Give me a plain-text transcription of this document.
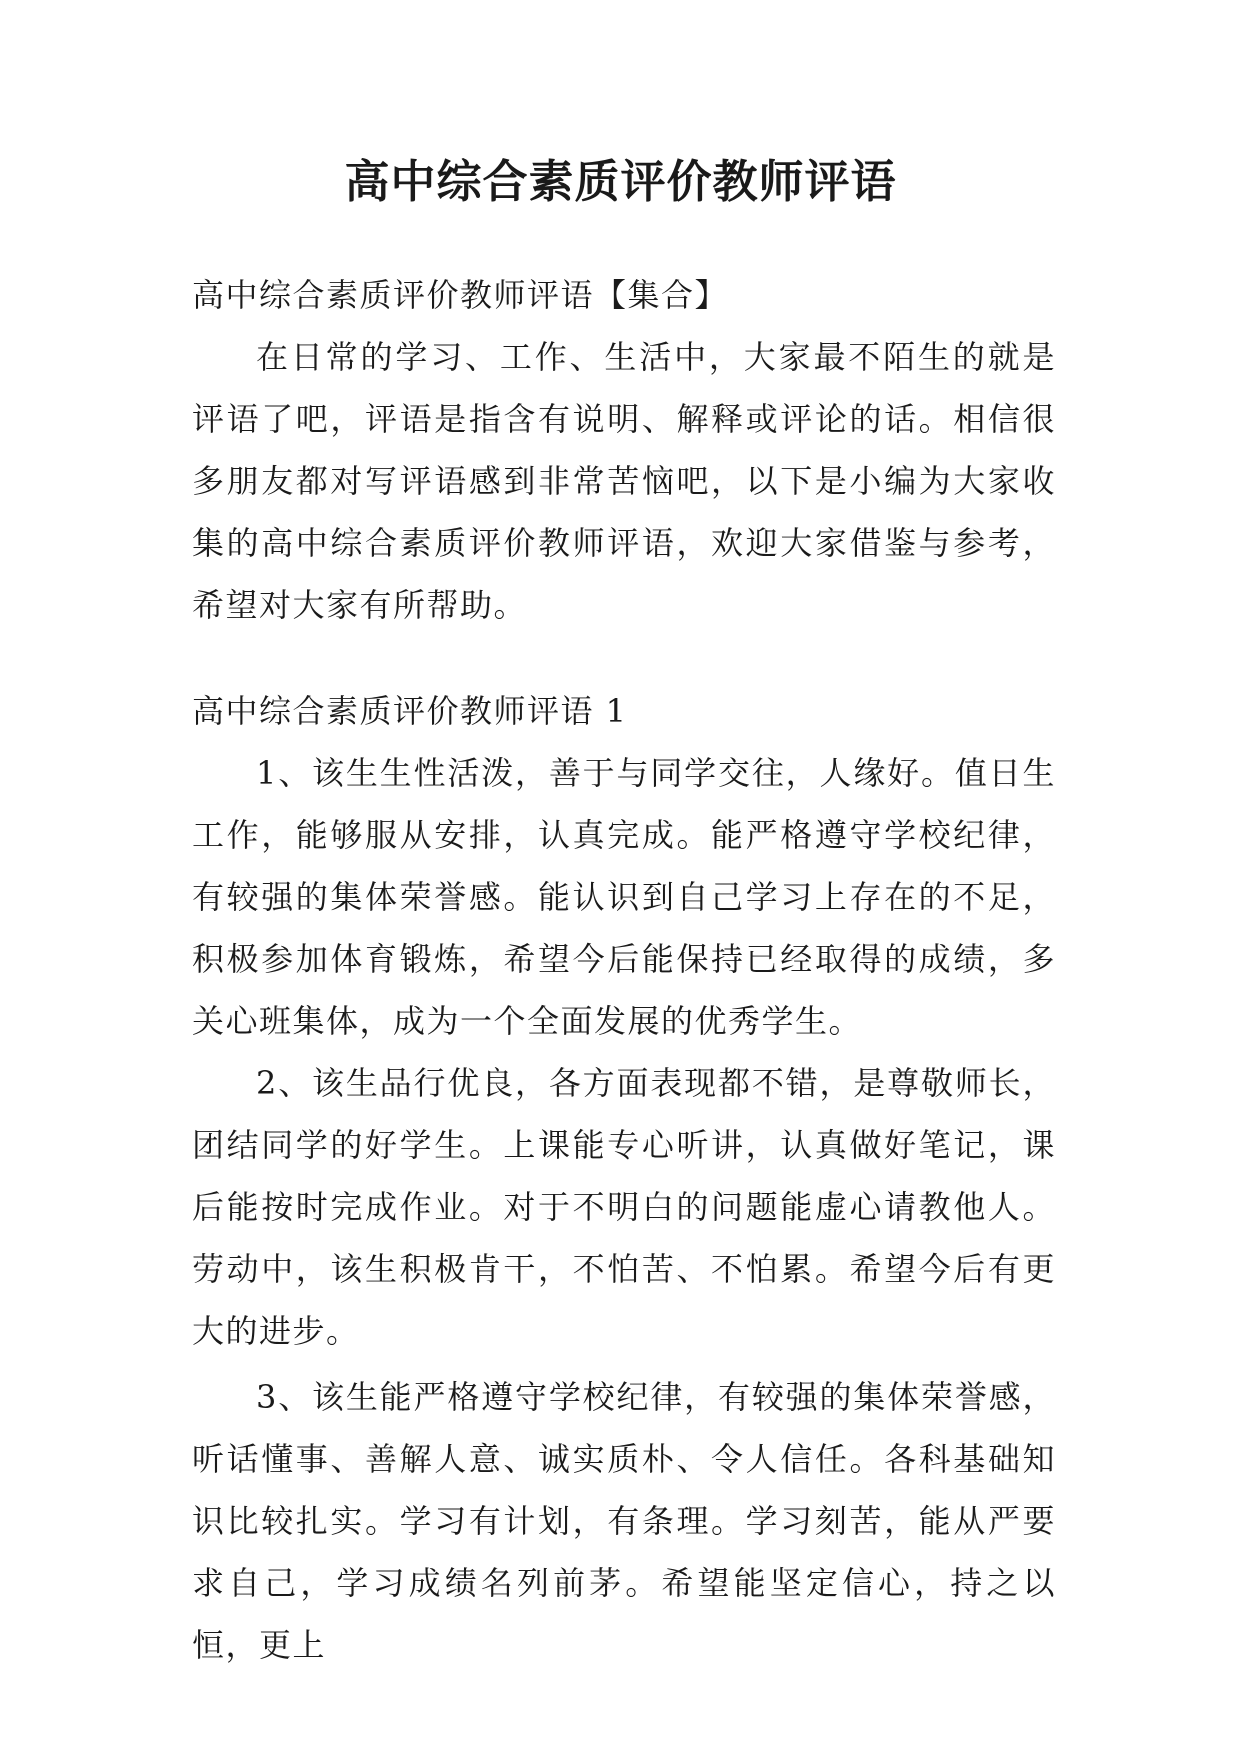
高中综合素质评价教师评语

高中综合素质评价教师评语【集合】

在日常的学习、工作、生活中，大家最不陌生的就是评语了吧，评语是指含有说明、解释或评论的话。相信很多朋友都对写评语感到非常苦恼吧，以下是小编为大家收集的高中综合素质评价教师评语，欢迎大家借鉴与参考，希望对大家有所帮助。

高中综合素质评价教师评语 1

1、该生生性活泼，善于与同学交往，人缘好。值日生工作，能够服从安排，认真完成。能严格遵守学校纪律，有较强的集体荣誉感。能认识到自己学习上存在的不足，积极参加体育锻炼，希望今后能保持已经取得的成绩，多关心班集体，成为一个全面发展的优秀学生。

2、该生品行优良，各方面表现都不错，是尊敬师长，团结同学的好学生。上课能专心听讲，认真做好笔记，课后能按时完成作业。对于不明白的问题能虚心请教他人。劳动中，该生积极肯干，不怕苦、不怕累。希望今后有更大的进步。

3、该生能严格遵守学校纪律，有较强的集体荣誉感，听话懂事、善解人意、诚实质朴、令人信任。各科基础知识比较扎实。学习有计划，有条理。学习刻苦，能从严要求自己，学习成绩名列前茅。希望能坚定信心，持之以恒，更上
